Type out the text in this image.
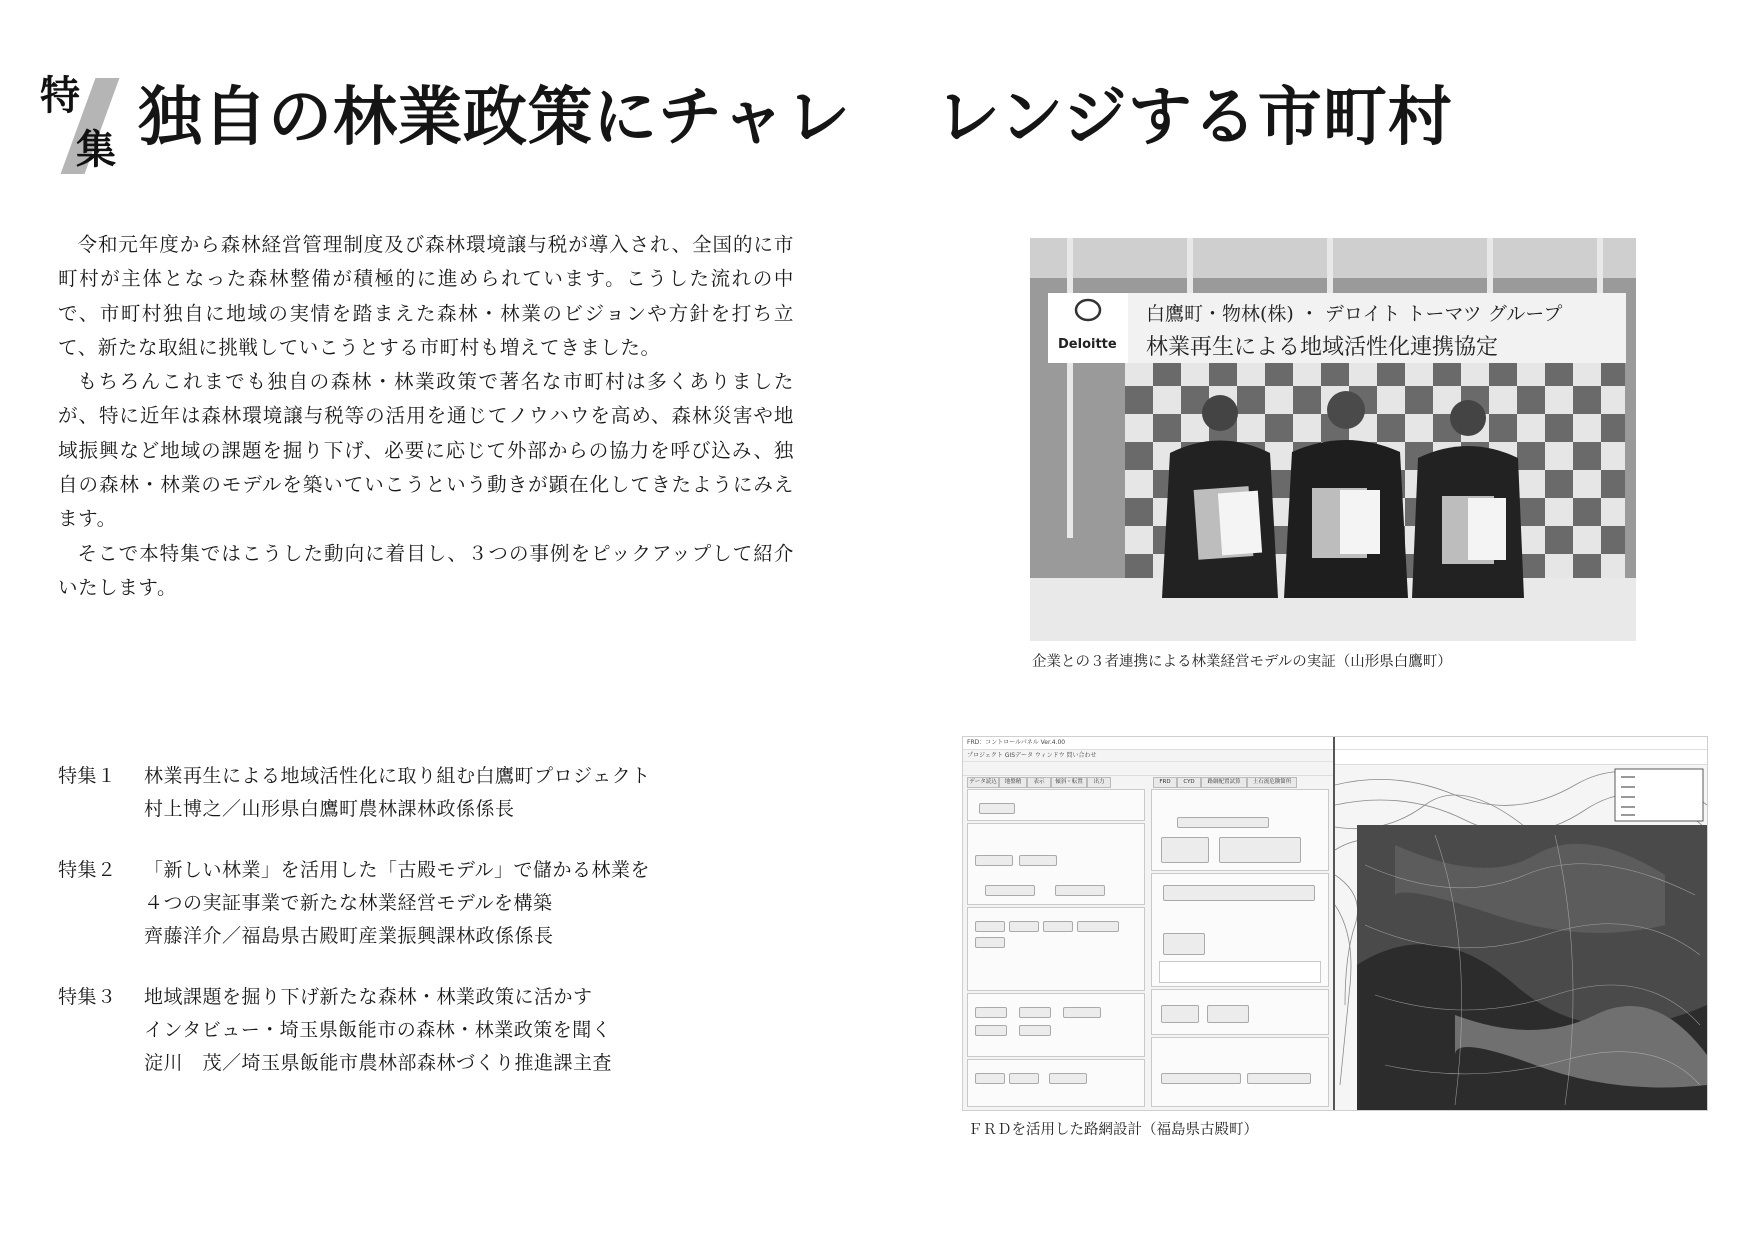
特
集 独自の林業政策にチャレ レンジする市町村

令和元年度から森林経営管理制度及び森林環境譲与税が導入され、全国的に市町村が主体となった森林整備が積極的に進められています。こうした流れの中で、市町村独自に地域の実情を踏まえた森林・林業のビジョンや方針を打ち立て、新たな取組に挑戦していこうとする市町村も増えてきました。

もちろんこれまでも独自の森林・林業政策で著名な市町村は多くありましたが、特に近年は森林環境譲与税等の活用を通じてノウハウを高め、森林災害や地域振興など地域の課題を掘り下げ、必要に応じて外部からの協力を呼び込み、独自の森林・林業のモデルを築いていこうという動きが顕在化してきたようにみえます。

そこで本特集ではこうした動向に着目し、３つの事例をピックアップして紹介いたします。

白鷹町・物林(株) ・ デロイト トーマツ グループ
林業再生による地域活性化連携協定
Deloitte
企業との３者連携による林業経営モデルの実証（山形県白鷹町）
特集１	林業再生による地域活性化に取り組む白鷹町プロジェクト
村上博之／山形県白鷹町農林課林政係係長
特集２	「新しい林業」を活用した「古殿モデル」で儲かる林業を
４つの実証事業で新たな林業経営モデルを構築
齊藤洋介／福島県古殿町産業振興課林政係係長
特集３	地域課題を掘り下げ新たな森林・林業政策に活かす
インタビュー・埼玉県飯能市の森林・林業政策を聞く
淀川　茂／埼玉県飯能市農林部森林づくり推進課主査
FRD：コントロールパネル Ver.4.00
プロジェクト GISデータ ウィンドウ 問い合わせ
データ読込	地盤精	表示	傾斜・転置	出力	FRD	CYD	路網配置試算	土石流危険箇所
ＦＲＤを活用した路網設計（福島県古殿町）
